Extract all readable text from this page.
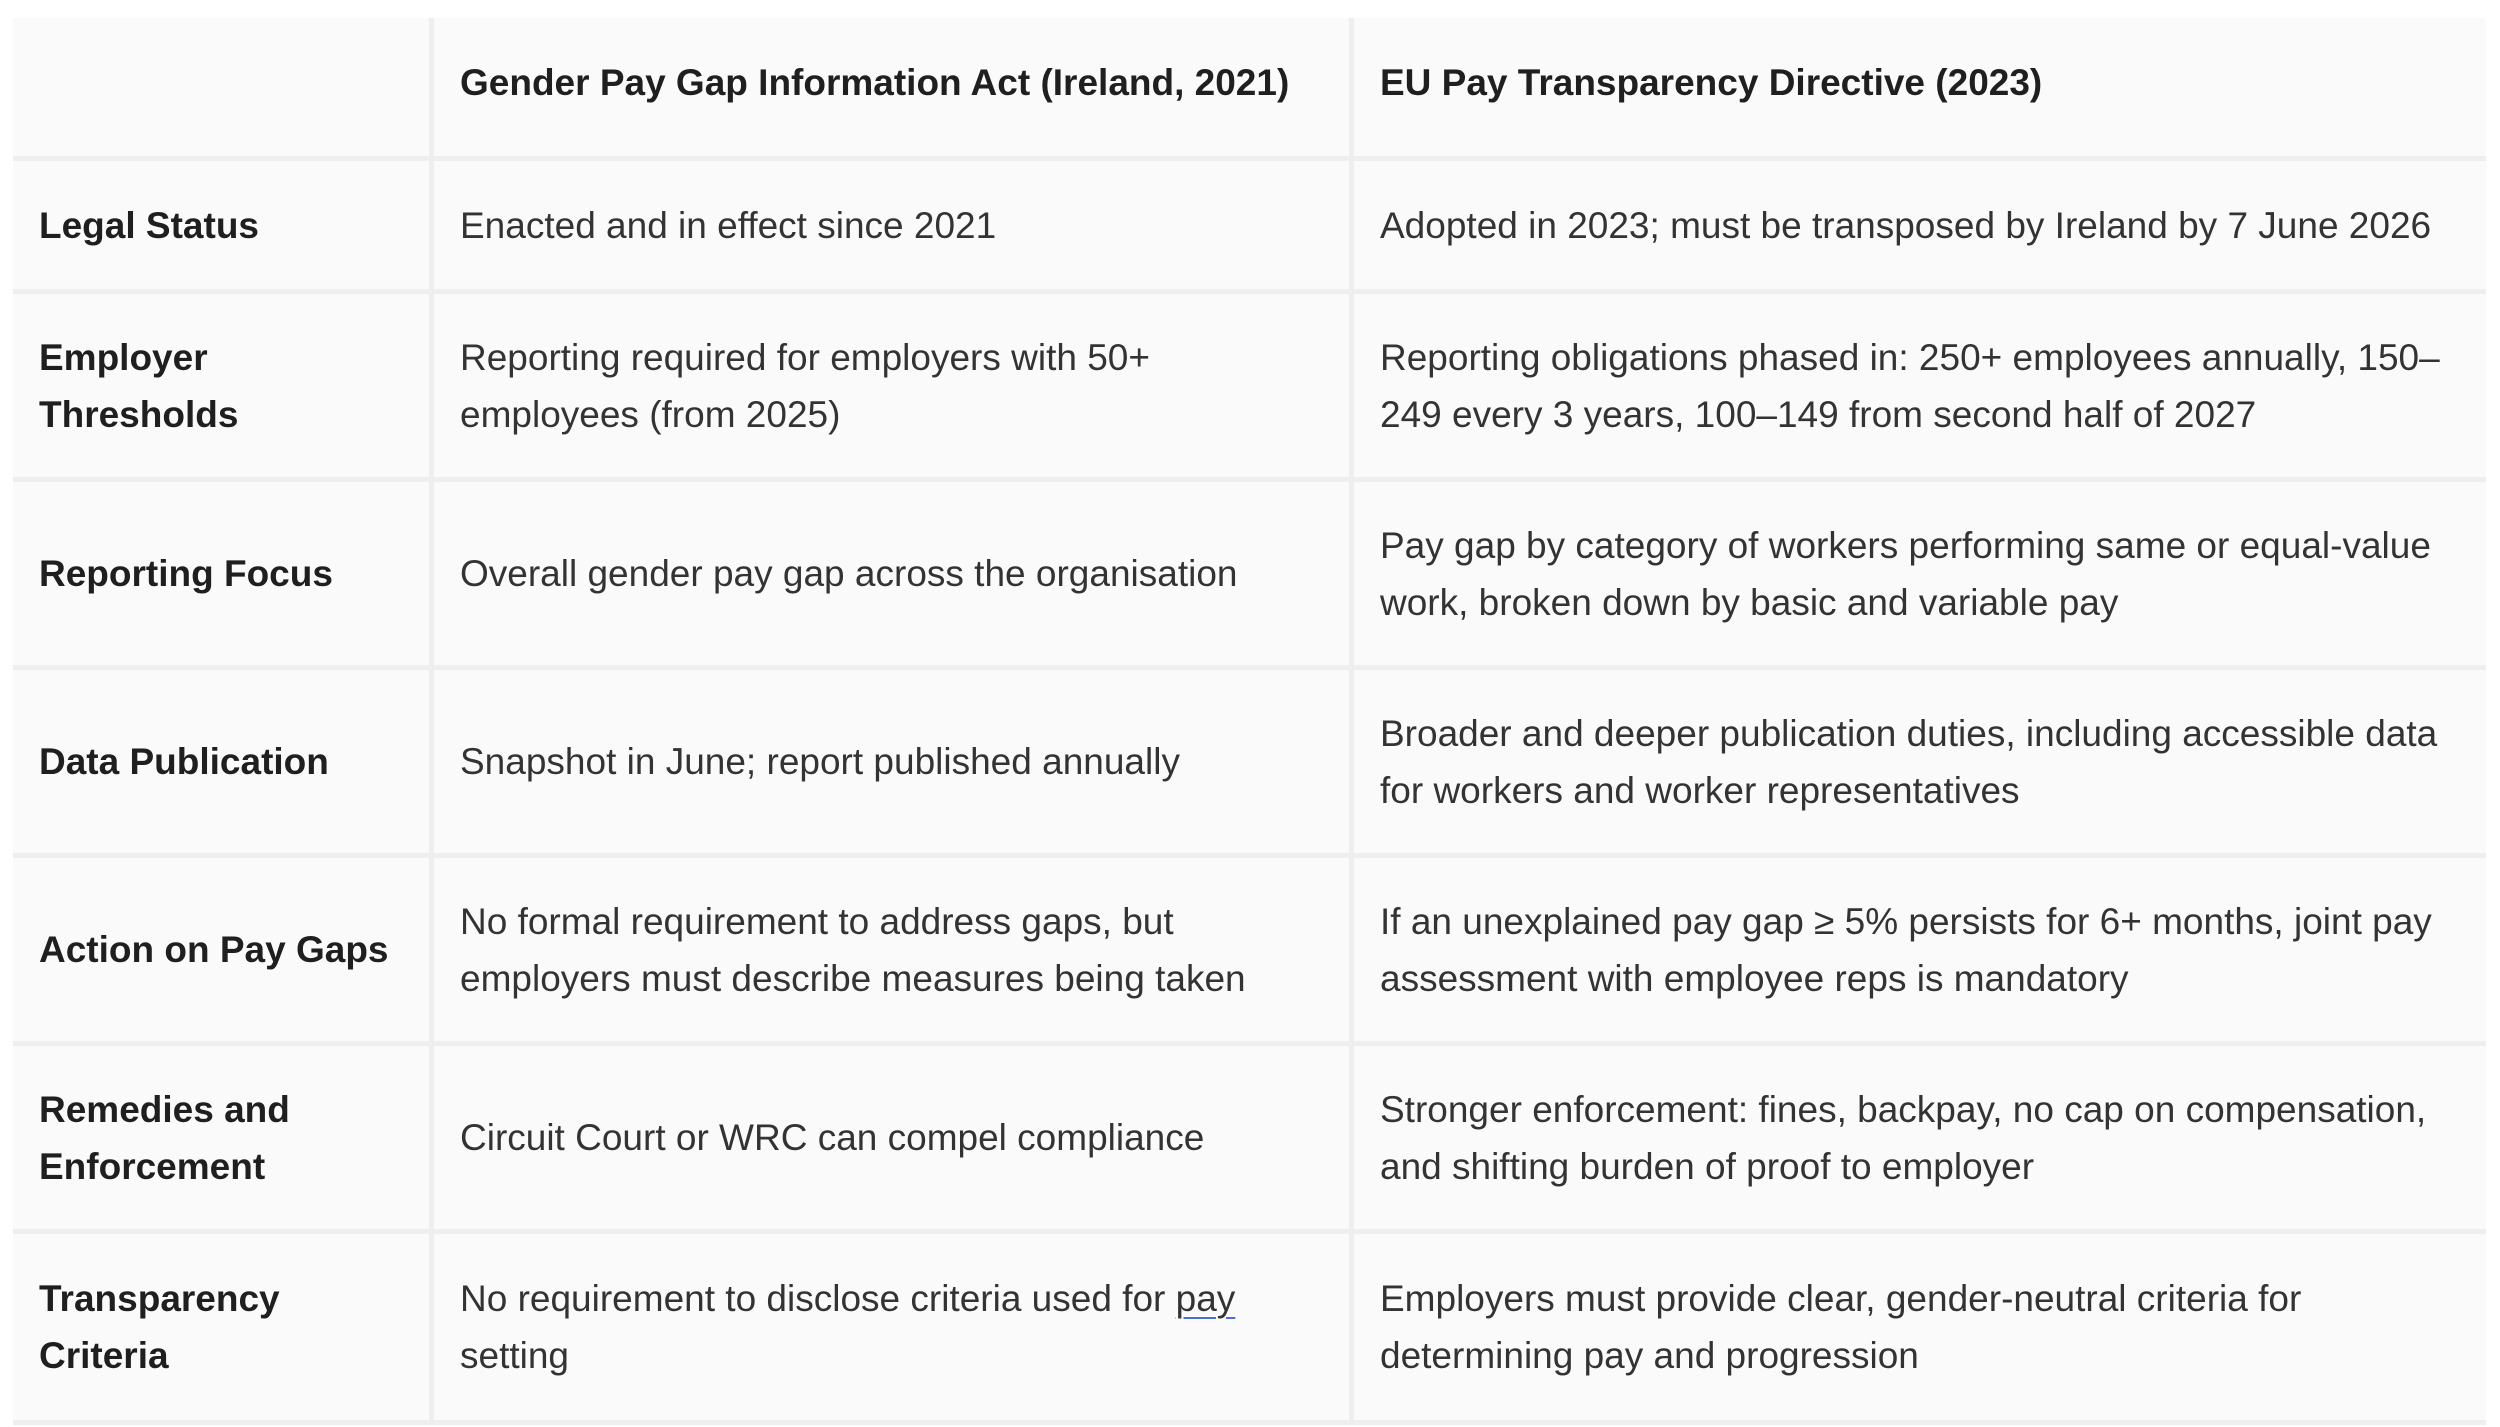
	Gender Pay Gap Information Act (Ireland, 2021)	EU Pay Transparency Directive (2023)
Legal Status	Enacted and in effect since 2021	Adopted in 2023; must be transposed by Ireland by 7 June 2026
Employer Thresholds	Reporting required for employers with 50+ employees (from 2025)	Reporting obligations phased in: 250+ employees annually, 150–249 every 3 years, 100–149 from second half of 2027
Reporting Focus	Overall gender pay gap across the organisation	Pay gap by category of workers performing same or equal-value work, broken down by basic and variable pay
Data Publication	Snapshot in June; report published annually	Broader and deeper publication duties, including accessible data for workers and worker representatives
Action on Pay Gaps	No formal requirement to address gaps, but employers must describe measures being taken	If an unexplained pay gap ≥ 5% persists for 6+ months, joint pay assessment with employee reps is mandatory
Remedies and Enforcement	Circuit Court or WRC can compel compliance	Stronger enforcement: fines, backpay, no cap on compensation, and shifting burden of proof to employer
Transparency Criteria	No requirement to disclose criteria used for pay setting	Employers must provide clear, gender-neutral criteria for determining pay and progression
